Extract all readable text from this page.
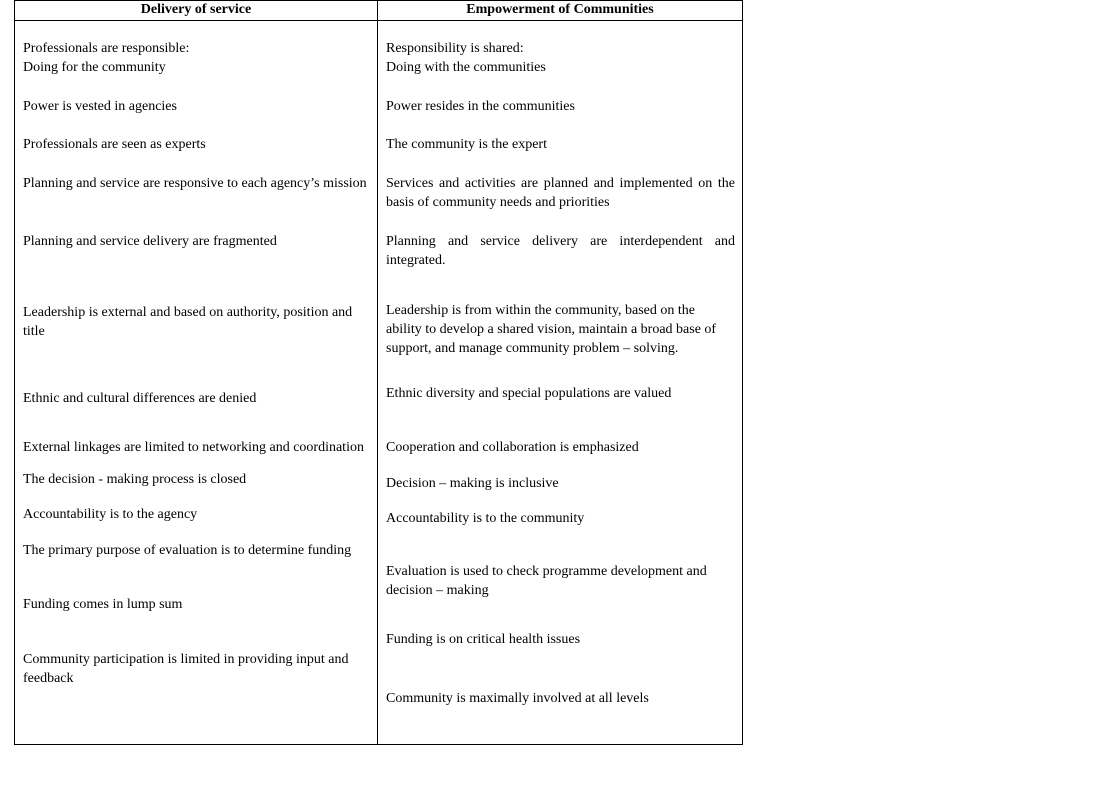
Delivery of service	Empowerment of Communities
Professionals are responsible:
Doing for the community
Power is vested in agencies
Professionals are seen as experts
Planning and service are responsive to each agency’s mission
Planning and service delivery are fragmented
Leadership is external and based on authority, position and
title
Ethnic and cultural differences are denied
External linkages are limited to networking and coordination
The decision - making process is closed
Accountability is to the agency
The primary purpose of evaluation is to determine funding
Funding comes in lump sum
Community participation is limited in providing input and
feedback
Responsibility is shared:
Doing with the communities
Power resides in the communities
The community is the expert
Services and activities are planned and implemented on the basis of community needs and priorities
Planning and service delivery are interdependent and integrated.
Leadership is from within the community, based on the
ability to develop a shared vision, maintain a broad base of
support, and manage community problem – solving.
Ethnic diversity and special populations are valued
Cooperation and collaboration is emphasized
Decision – making is inclusive
Accountability is to the community
Evaluation is used to check programme development and
decision – making
Funding is on critical health issues
Community is maximally involved at all levels
